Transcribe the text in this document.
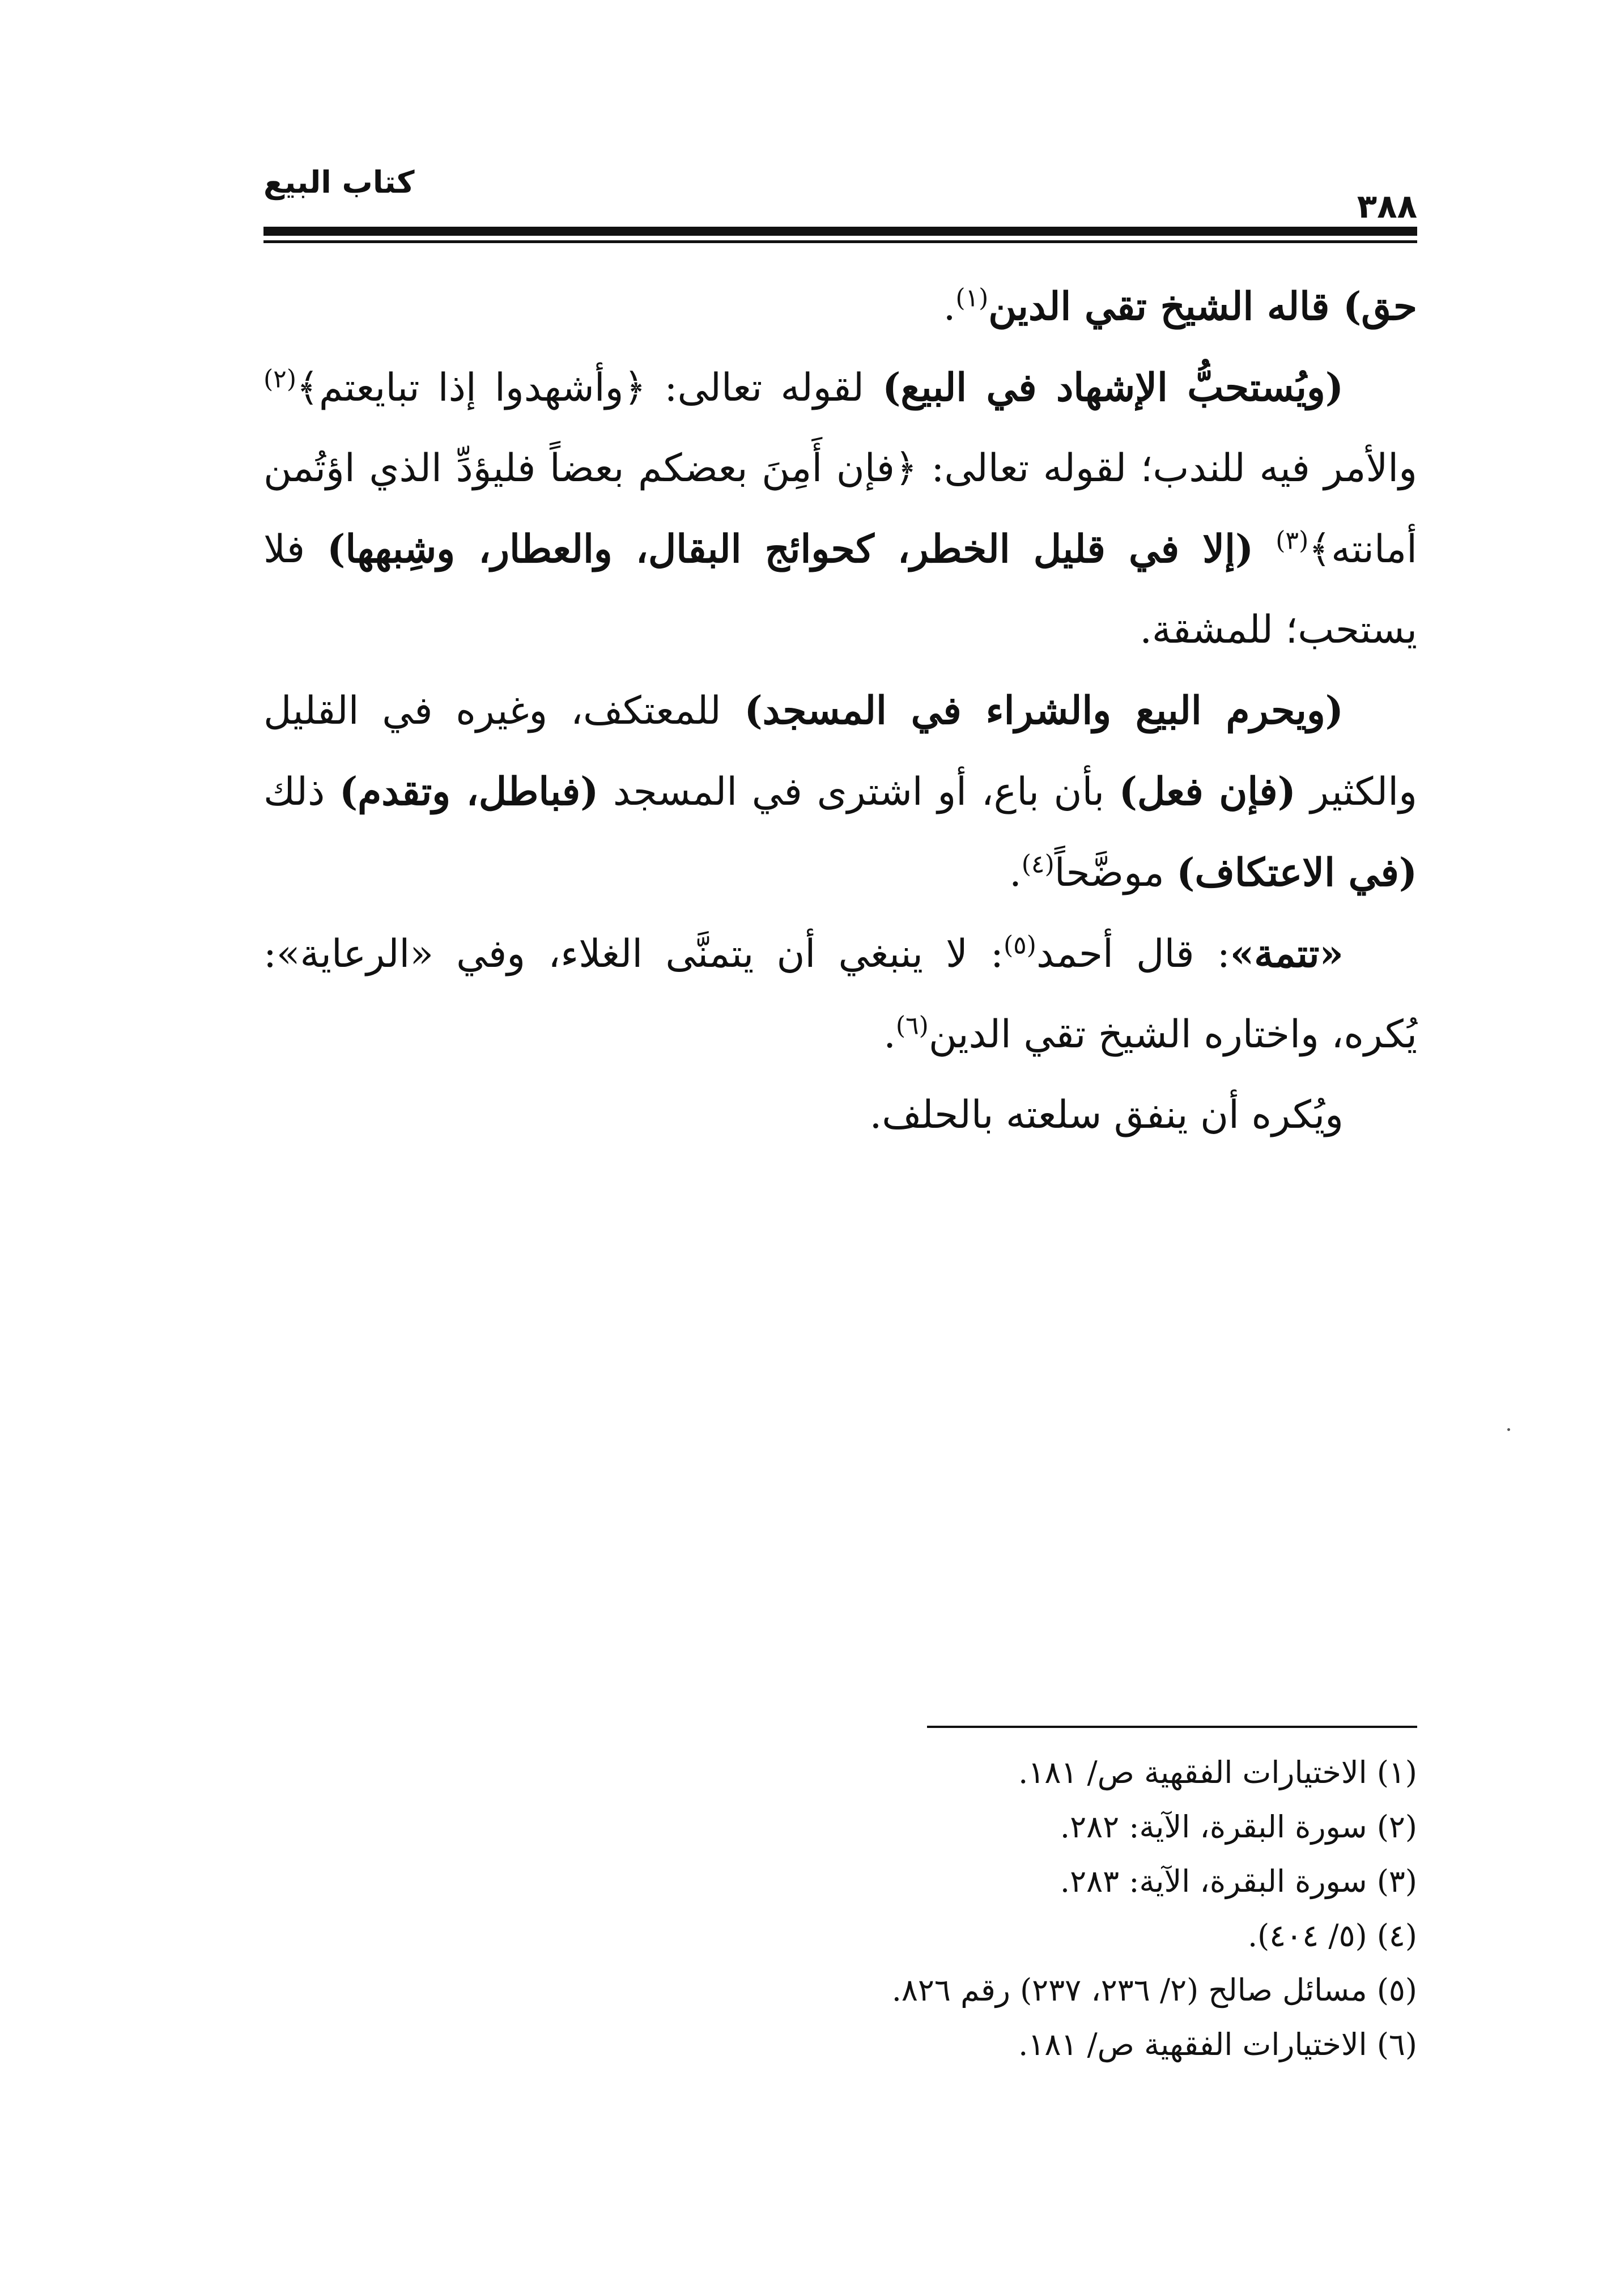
كتاب البيع
٣٨٨

حق) قاله الشيخ تقي الدين$^{(١)}$.

(ويُستحبُّ الإشهاد في البيع) لقوله تعالى: ﴿وأشهدوا إذا تبايعتم﴾$^{(٢)}$ والأمر فيه للندب؛ لقوله تعالى: ﴿فإن أَمِنَ بعضكم بعضاً فليؤدِّ الذي اؤتُمن أمانته﴾$^{(٣)}$ (إلا في قليل الخطر، كحوائج البقال، والعطار، وشِبهها) فلا يستحب؛ للمشقة.

(ويحرم البيع والشراء في المسجد) للمعتكف، وغيره في القليل والكثير (فإن فعل) بأن باع، أو اشترى في المسجد (فباطل، وتقدم) ذلك (في الاعتكاف) موضَّحاً$^{(٤)}$.

«تتمة»: قال أحمد$^{(٥)}$: لا ينبغي أن يتمنَّى الغلاء، وفي «الرعاية»: يُكره، واختاره الشيخ تقي الدين$^{(٦)}$.

ويُكره أن ينفق سلعته بالحلف.

(١) الاختيارات الفقهية ص/ ١٨١.
(٢) سورة البقرة، الآية: ٢٨٢.
(٣) سورة البقرة، الآية: ٢٨٣.
(٤) (٥/ ٤٠٤).
(٥) مسائل صالح (٢/ ٢٣٦، ٢٣٧) رقم ٨٢٦.
(٦) الاختيارات الفقهية ص/ ١٨١.
